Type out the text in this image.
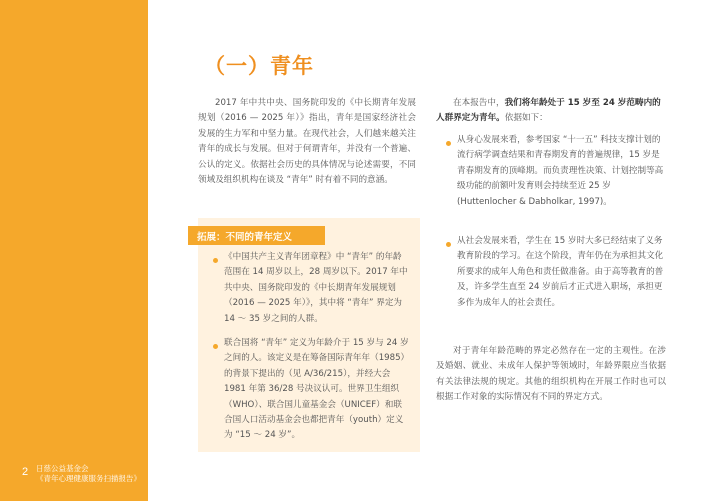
2 日慈公益基金会
《青年心理健康服务扫描报告》
（一）青年

2017 年中共中央、国务院印发的《中长期青年发展规划（2016 — 2025 年）》指出，青年是国家经济社会发展的生力军和中坚力量。在现代社会，人们越来越关注青年的成长与发展。但对于何谓青年，并没有一个普遍、公认的定义。依据社会历史的具体情况与论述需要，不同领域及组织机构在谈及 “青年” 时有着不同的意涵。

拓展：不同的青年定义

《中国共产主义青年团章程》中 “青年” 的年龄范围在 14 周岁以上，28 周岁以下。2017 年中共中央、国务院印发的《中长期青年发展规划（2016 — 2025 年）》，其中将 “青年” 界定为 14 ～ 35 岁之间的人群。

联合国将 “青年” 定义为年龄介于 15 岁与 24 岁之间的人。该定义是在筹备国际青年年（1985）的背景下提出的（见 A/36/215），并经大会 1981 年第 36/28 号决议认可。世界卫生组织（WHO）、联合国儿童基金会（UNICEF）和联合国人口活动基金会也都把青年（youth）定义为 “15 ～ 24 岁”。

在本报告中，我们将年龄处于 15 岁至 24 岁范畴内的人群界定为青年。依据如下：

从身心发展来看，参考国家 “十一五” 科技支撑计划的流行病学调查结果和青春期发育的普遍规律，15 岁是青春期发育的顶峰期。而负责理性决策、计划控制等高级功能的前额叶发育则会持续至近 25 岁 (Huttenlocher & Dabholkar, 1997)。

从社会发展来看，学生在 15 岁时大多已经结束了义务教育阶段的学习。在这个阶段，青年仍在为承担其文化所要求的成年人角色和责任做准备。由于高等教育的普及，许多学生直至 24 岁前后才正式进入职场，承担更多作为成年人的社会责任。

对于青年年龄范畴的界定必然存在一定的主观性。在涉及婚姻、就业、未成年人保护等领域时，年龄界限应当依据有关法律法规的规定。其他的组织机构在开展工作时也可以根据工作对象的实际情况有不同的界定方式。
